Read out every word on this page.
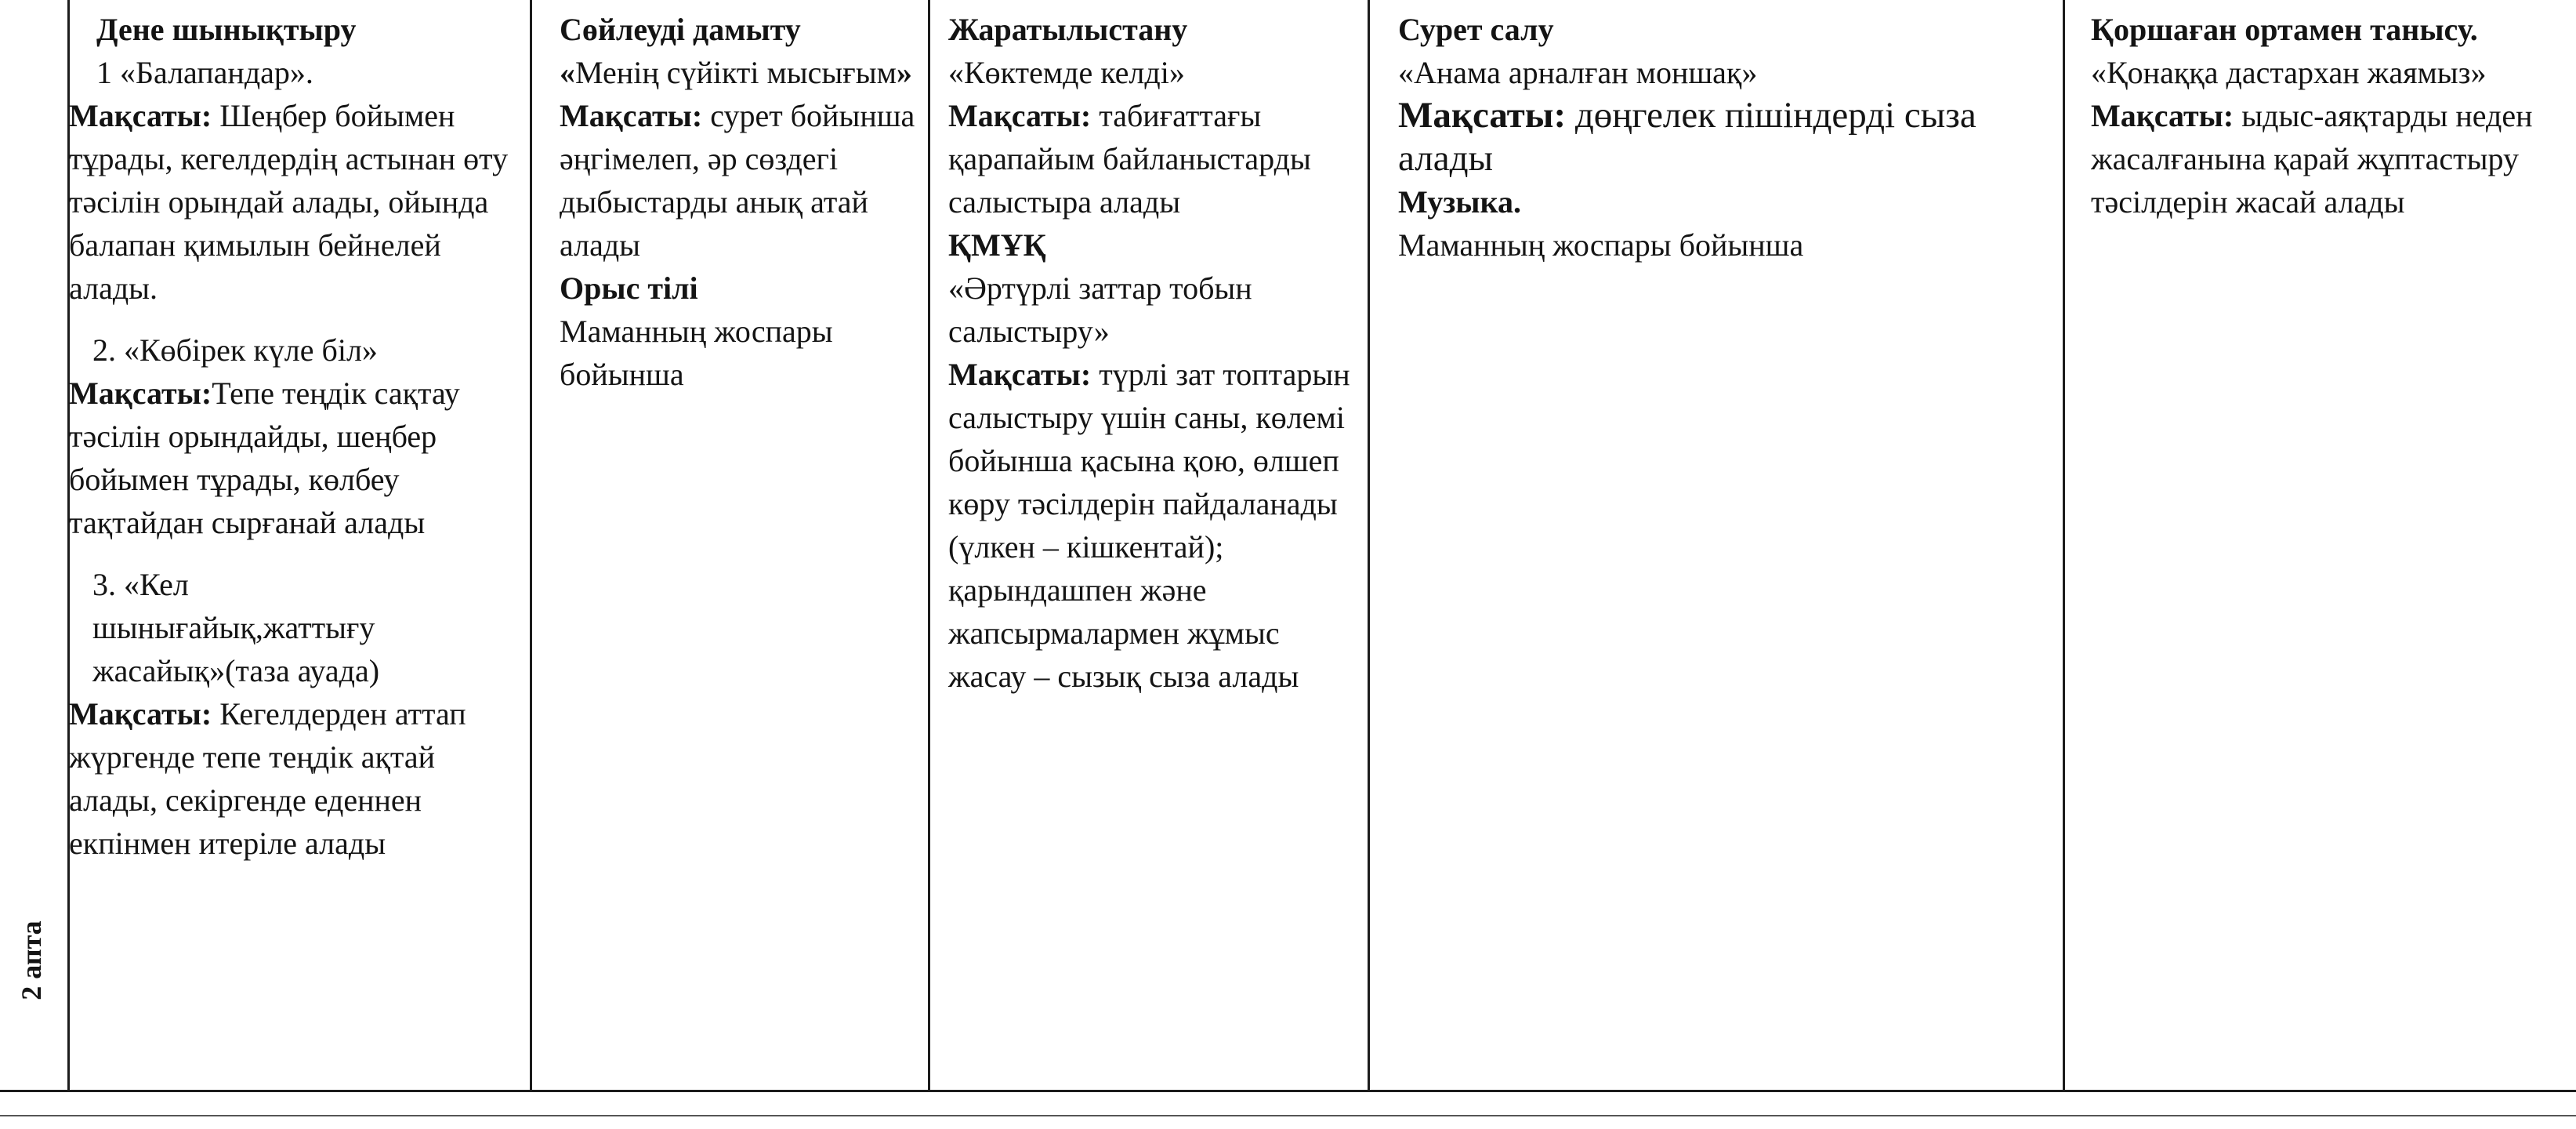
2 апта

Дене шынықтыру

1 «Балапандар».

Мақсаты: Шеңбер бойымен тұрады, кегелдердің астынан өту тәсілін орындай алады, ойында балапан қимылын бейнелей алады.

2. «Көбірек күле біл»

Мақсаты:Тепе теңдік сақтау тәсілін орындайды, шеңбер бойымен тұрады, көлбеу тақтайдан сырғанай алады

3. «Кел

шынығайық,жаттығу

жасайық»(таза ауада)

Мақсаты: Кегелдерден аттап жүргенде тепе теңдік ақтай алады, секіргенде еденнен екпінмен итеріле алады

Сөйлеуді дамыту

«Менің сүйікті мысығым»

Мақсаты: сурет бойынша әңгімелеп, әр сөздегі дыбыстарды анық атай алады

Орыс тілі

Маманның жоспары бойынша

Жаратылыстану

«Көктемде келді»

Мақсаты: табиғаттағы қарапайым байланыстарды салыстыра алады

ҚМҰҚ

«Әртүрлі заттар тобын салыстыру»

Мақсаты: түрлі зат топтарын салыстыру үшін саны, көлемі бойынша қасына қою, өлшеп көру тәсілдерін пайдаланады (үлкен – кішкентай); қарындашпен және жапсырмалармен жұмыс жасау – сызық сыза алады

Сурет салу

«Анама арналған моншақ»

Мақсаты: дөңгелек пішіндерді сыза алады

Музыка.

Маманның жоспары бойынша

Қоршаған ортамен танысу.

«Қонаққа дастархан жаямыз»

Мақсаты: ыдыс-аяқтарды неден жасалғанына қарай жұптастыру тәсілдерін жасай алады
